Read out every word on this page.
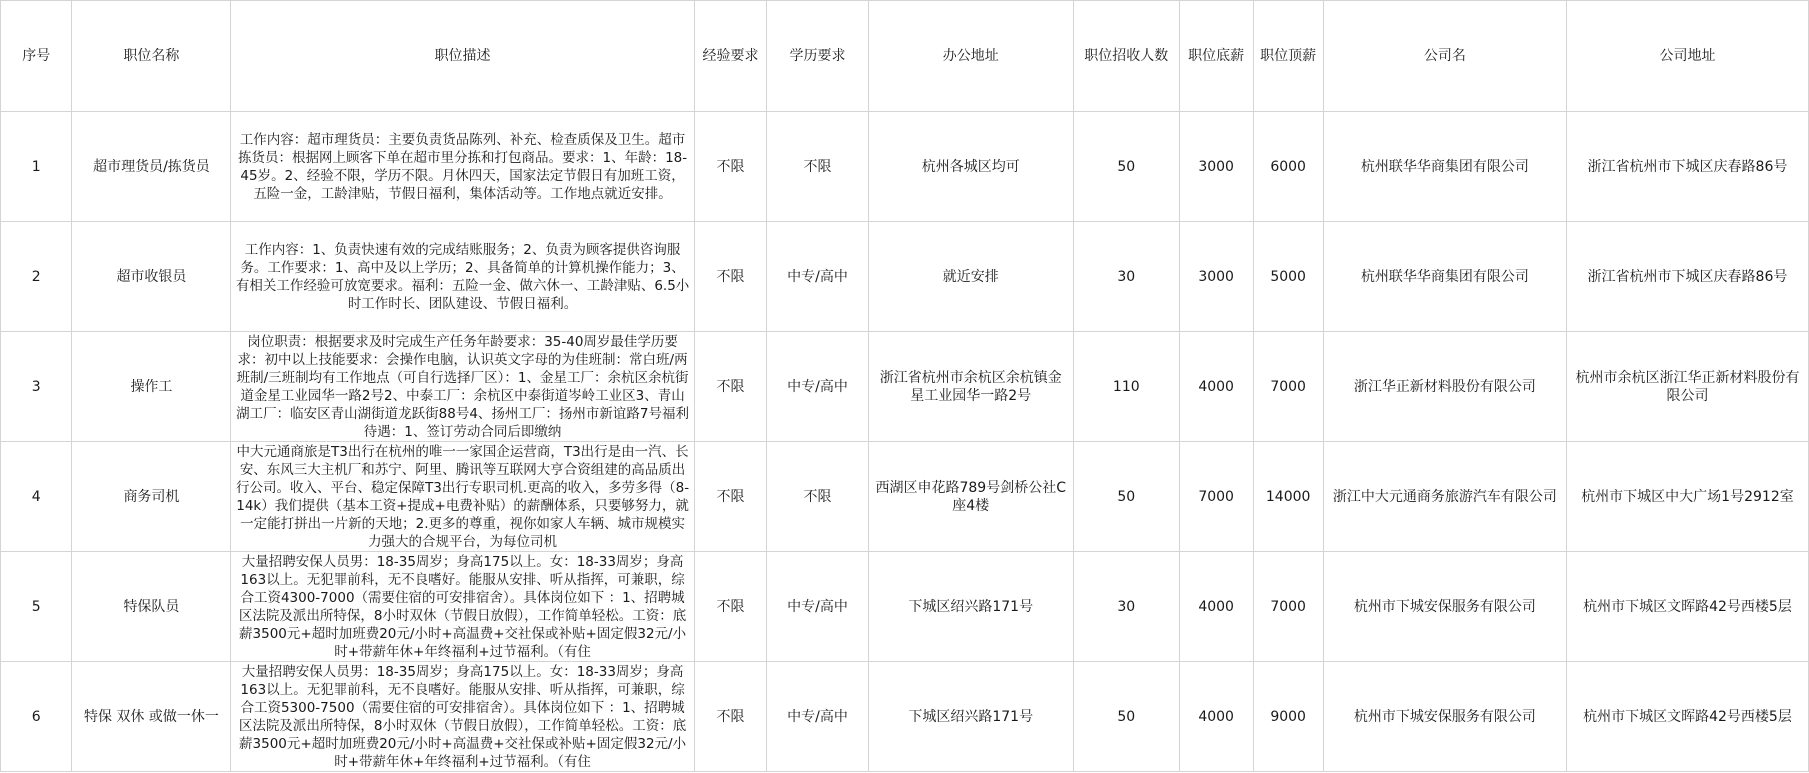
序号	职位名称	职位描述	经验要求	学历要求	办公地址	职位招收人数	职位底薪	职位顶薪	公司名	公司地址
1	超市理货员/拣货员	工作内容：超市理货员：主要负责货品陈列、补充、检查质保及卫生。超市拣货员：根据网上顾客下单在超市里分拣和打包商品。要求：1、年龄：18-45岁。2、经验不限，学历不限。月休四天，国家法定节假日有加班工资，五险一金，工龄津贴，节假日福利，集体活动等。工作地点就近安排。	不限	不限	杭州各城区均可	50	3000	6000	杭州联华华商集团有限公司	浙江省杭州市下城区庆春路86号
2	超市收银员	工作内容：1、负责快速有效的完成结账服务；2、负责为顾客提供咨询服务。工作要求：1、高中及以上学历；2、具备简单的计算机操作能力；3、有相关工作经验可放宽要求。福利：五险一金、做六休一、工龄津贴、6.5小时工作时长、团队建设、节假日福利。	不限	中专/高中	就近安排	30	3000	5000	杭州联华华商集团有限公司	浙江省杭州市下城区庆春路86号
3	操作工	岗位职责：根据要求及时完成生产任务年龄要求：35-40周岁最佳学历要求：初中以上技能要求：会操作电脑，认识英文字母的为佳班制：常白班/两班制/三班制均有工作地点（可自行选择厂区）：1、金星工厂：余杭区余杭街道金星工业园华一路2号2、中泰工厂：余杭区中泰街道岑岭工业区3、青山湖工厂：临安区青山湖街道龙跃街88号4、扬州工厂：扬州市新谊路7号福利待遇：1、签订劳动合同后即缴纳	不限	中专/高中	浙江省杭州市余杭区余杭镇金星工业园华一路2号	110	4000	7000	浙江华正新材料股份有限公司	杭州市余杭区浙江华正新材料股份有限公司
4	商务司机	中大元通商旅是T3出行在杭州的唯一一家国企运营商，T3出行是由一汽、长安、东风三大主机厂和苏宁、阿里、腾讯等互联网大亨合资组建的高品质出行公司。收入、平台、稳定保障T3出行专职司机.更高的收入，多劳多得（8-14k）我们提供（基本工资+提成+电费补贴）的薪酬体系，只要够努力，就一定能打拼出一片新的天地；2.更多的尊重，视你如家人车辆、城市规模实力强大的合规平台，为每位司机	不限	不限	西湖区申花路789号剑桥公社C座4楼	50	7000	14000	浙江中大元通商务旅游汽车有限公司	杭州市下城区中大广场1号2912室
5	特保队员	大量招聘安保人员男：18-35周岁；身高175以上。女：18-33周岁；身高163以上。无犯罪前科，无不良嗜好。能服从安排、听从指挥，可兼职，综合工资4300-7000（需要住宿的可安排宿舍）。具体岗位如下 ：1、招聘城区法院及派出所特保，8小时双休（节假日放假），工作简单轻松。工资：底薪3500元+超时加班费20元/小时+高温费+交社保或补贴+固定假32元/小时+带薪年休+年终福利+过节福利。（有住	不限	中专/高中	下城区绍兴路171号	30	4000	7000	杭州市下城安保服务有限公司	杭州市下城区文晖路42号西楼5层
6	特保 双休 或做一休一	大量招聘安保人员男：18-35周岁；身高175以上。女：18-33周岁；身高163以上。无犯罪前科，无不良嗜好。能服从安排、听从指挥，可兼职，综合工资5300-7500（需要住宿的可安排宿舍）。具体岗位如下 ：1、招聘城区法院及派出所特保，8小时双休（节假日放假），工作简单轻松。工资：底薪3500元+超时加班费20元/小时+高温费+交社保或补贴+固定假32元/小时+带薪年休+年终福利+过节福利。（有住	不限	中专/高中	下城区绍兴路171号	50	4000	9000	杭州市下城安保服务有限公司	杭州市下城区文晖路42号西楼5层
